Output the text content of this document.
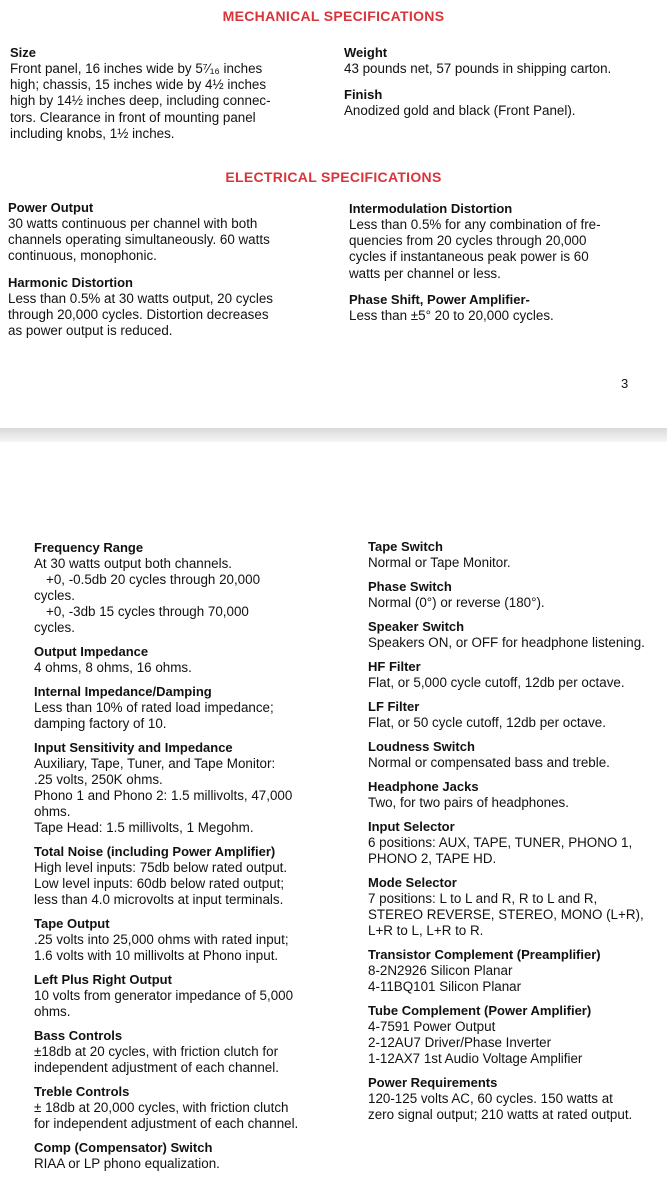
MECHANICAL SPECIFICATIONS
Size
Front panel, 16 inches wide by 5⁷⁄₁₆ inches
high; chassis, 15 inches wide by 4½ inches
high by 14½ inches deep, including connec-
tors. Clearance in front of mounting panel
including knobs, 1½ inches.
Weight
43 pounds net, 57 pounds in shipping carton.
Finish
Anodized gold and black (Front Panel).
ELECTRICAL SPECIFICATIONS
Power Output
30 watts continuous per channel with both
channels operating simultaneously. 60 watts
continuous, monophonic.
Harmonic Distortion
Less than 0.5% at 30 watts output, 20 cycles
through 20,000 cycles. Distortion decreases
as power output is reduced.
Intermodulation Distortion
Less than 0.5% for any combination of fre-
quencies from 20 cycles through 20,000
cycles if instantaneous peak power is 60
watts per channel or less.
Phase Shift, Power Amplifier-
Less than ±5° 20 to 20,000 cycles.
3
Frequency Range
At 30 watts output both channels.
+0, -0.5db 20 cycles through 20,000
cycles.
+0, -3db 15 cycles through 70,000
cycles.
Output Impedance
4 ohms, 8 ohms, 16 ohms.
Internal Impedance/Damping
Less than 10% of rated load impedance;
damping factory of 10.
Input Sensitivity and Impedance
Auxiliary, Tape, Tuner, and Tape Monitor:
.25 volts, 250K ohms.
Phono 1 and Phono 2: 1.5 millivolts, 47,000
ohms.
Tape Head: 1.5 millivolts, 1 Megohm.
Total Noise (including Power Amplifier)
High level inputs: 75db below rated output.
Low level inputs: 60db below rated output;
less than 4.0 microvolts at input terminals.
Tape Output
.25 volts into 25,000 ohms with rated input;
1.6 volts with 10 millivolts at Phono input.
Left Plus Right Output
10 volts from generator impedance of 5,000
ohms.
Bass Controls
±18db at 20 cycles, with friction clutch for
independent adjustment of each channel.
Treble Controls
± 18db at 20,000 cycles, with friction clutch
for independent adjustment of each channel.
Comp (Compensator) Switch
RIAA or LP phono equalization.
Tape Switch
Normal or Tape Monitor.
Phase Switch
Normal (0°) or reverse (180°).
Speaker Switch
Speakers ON, or OFF for headphone listening.
HF Filter
Flat, or 5,000 cycle cutoff, 12db per octave.
LF Filter
Flat, or 50 cycle cutoff, 12db per octave.
Loudness Switch
Normal or compensated bass and treble.
Headphone Jacks
Two, for two pairs of headphones.
Input Selector
6 positions: AUX, TAPE, TUNER, PHONO 1,
PHONO 2, TAPE HD.
Mode Selector
7 positions: L to L and R, R to L and R,
STEREO REVERSE, STEREO, MONO (L+R),
L+R to L, L+R to R.
Transistor Complement (Preamplifier)
8-2N2926 Silicon Planar
4-11BQ101 Silicon Planar
Tube Complement (Power Amplifier)
4-7591 Power Output
2-12AU7 Driver/Phase Inverter
1-12AX7 1st Audio Voltage Amplifier
Power Requirements
120-125 volts AC, 60 cycles. 150 watts at
zero signal output; 210 watts at rated output.
